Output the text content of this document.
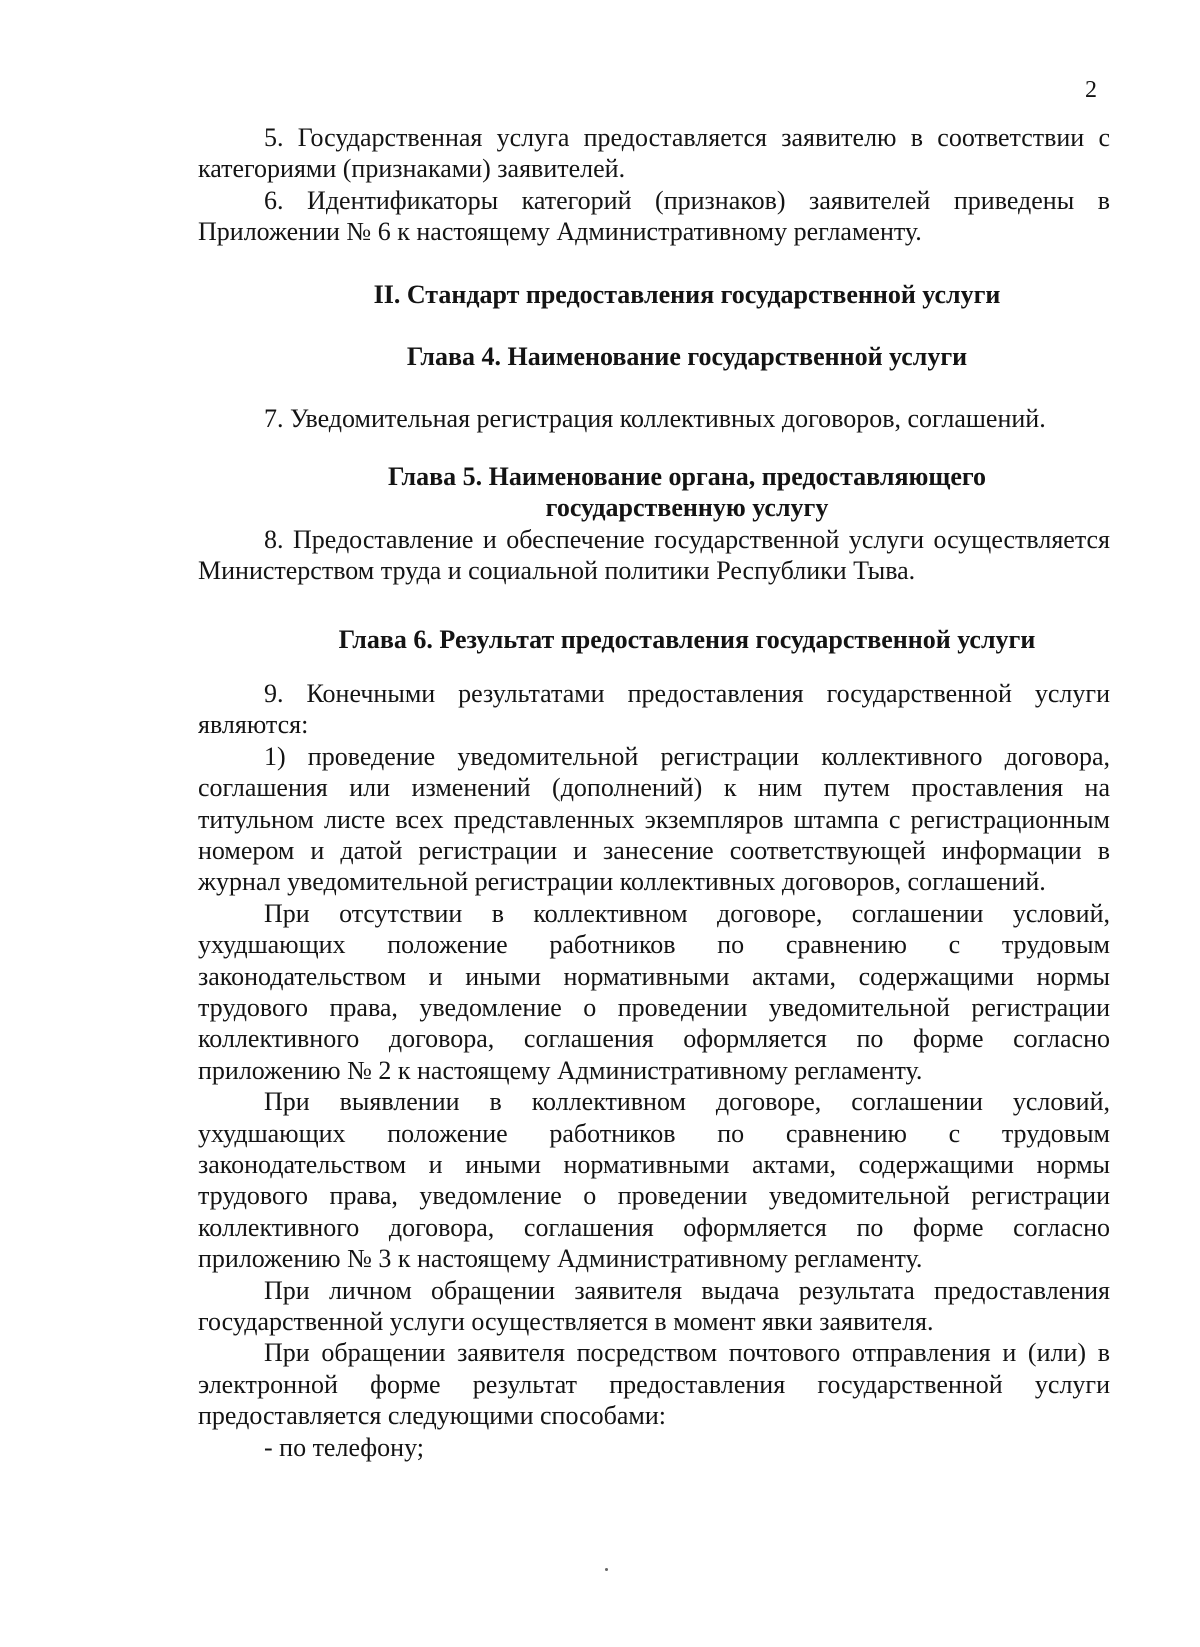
2

5. Государственная услуга предоставляется заявителю в соответствии с категориями (признаками) заявителей.

6. Идентификаторы категорий (признаков) заявителей приведены в Приложении № 6 к настоящему Административному регламенту.

II. Стандарт предоставления государственной услуги

Глава 4. Наименование государственной услуги

7. Уведомительная регистрация коллективных договоров, соглашений.

Глава 5. Наименование органа, предоставляющего

государственную услугу

8. Предоставление и обеспечение государственной услуги осуществляется Министерством труда и социальной политики Республики Тыва.

Глава 6. Результат предоставления государственной услуги

9. Конечными результатами предоставления государственной услуги являются:

1) проведение уведомительной регистрации коллективного договора, соглашения или изменений (дополнений) к ним путем проставления на титульном листе всех представленных экземпляров штампа с регистрационным номером и датой регистрации и занесение соответствующей информации в журнал уведомительной регистрации коллективных договоров, соглашений.

При отсутствии в коллективном договоре, соглашении условий, ухудшающих положение работников по сравнению с трудовым законодательством и иными нормативными актами, содержащими нормы трудового права, уведомление о проведении уведомительной регистрации коллективного договора, соглашения оформляется по форме согласно приложению № 2 к настоящему Административному регламенту.

При выявлении в коллективном договоре, соглашении условий, ухудшающих положение работников по сравнению с трудовым законодательством и иными нормативными актами, содержащими нормы трудового права, уведомление о проведении уведомительной регистрации коллективного договора, соглашения оформляется по форме согласно приложению № 3 к настоящему Административному регламенту.

При личном обращении заявителя выдача результата предоставления государственной услуги осуществляется в момент явки заявителя.

При обращении заявителя посредством почтового отправления и (или) в электронной форме результат предоставления государственной услуги предоставляется следующими способами:

- по телефону;
